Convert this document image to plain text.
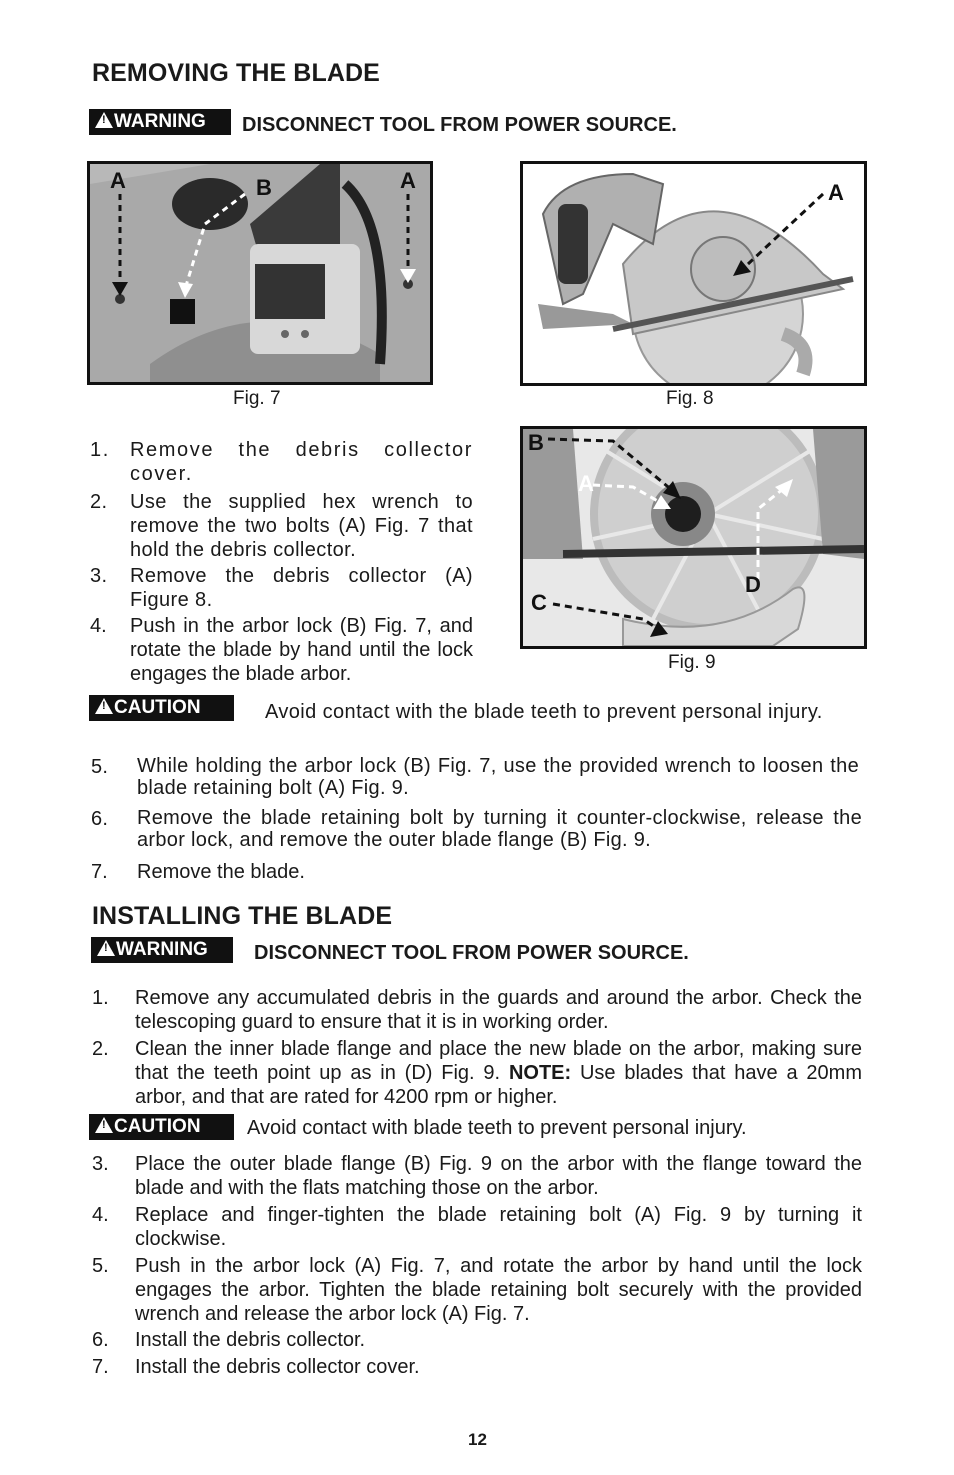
REMOVING THE BLADE
!WARNING	DISCONNECT TOOL FROM POWER SOURCE.
A	B	A
Fig. 7
A
Fig. 8
1. Remove the debris collector cover.
2. Use the supplied hex wrench to remove the two bolts (A) Fig. 7 that hold the debris collector.
3. Remove the debris collector (A) Figure 8.
4. Push in the arbor lock (B) Fig. 7, and rotate the blade by hand until the lock engages the blade arbor.
B
A
C
D
Fig. 9
!CAUTION	Avoid contact with the blade teeth to prevent personal injury.
5. While holding the arbor lock (B) Fig. 7, use the provided wrench to loosen the blade retaining bolt (A) Fig. 9.
6. Remove the blade retaining bolt by turning it counter-clockwise, release the arbor lock, and remove the outer blade flange (B) Fig. 9.
7. Remove the blade.
INSTALLING THE BLADE
!WARNING	DISCONNECT TOOL FROM POWER SOURCE.
1. Remove any accumulated debris in the guards and around the arbor. Check the telescoping guard to ensure that it is in working order.
2. Clean the inner blade flange and place the new blade on the arbor, making sure that the teeth point up as in (D) Fig. 9. NOTE: Use blades that have a 20mm arbor, and that are rated for 4200 rpm or higher.
!CAUTION	Avoid contact with blade teeth to prevent personal injury.
3. Place the outer blade flange (B) Fig. 9 on the arbor with the flange toward the blade and with the flats matching those on the arbor.
4. Replace and finger-tighten the blade retaining bolt (A) Fig. 9 by turning it clockwise.
5. Push in the arbor lock (A) Fig. 7, and rotate the arbor by hand until the lock engages the arbor. Tighten the blade retaining bolt securely with the provided wrench and release the arbor lock (A) Fig. 7.
6. Install the debris collector.
7. Install the debris collector cover.
12
